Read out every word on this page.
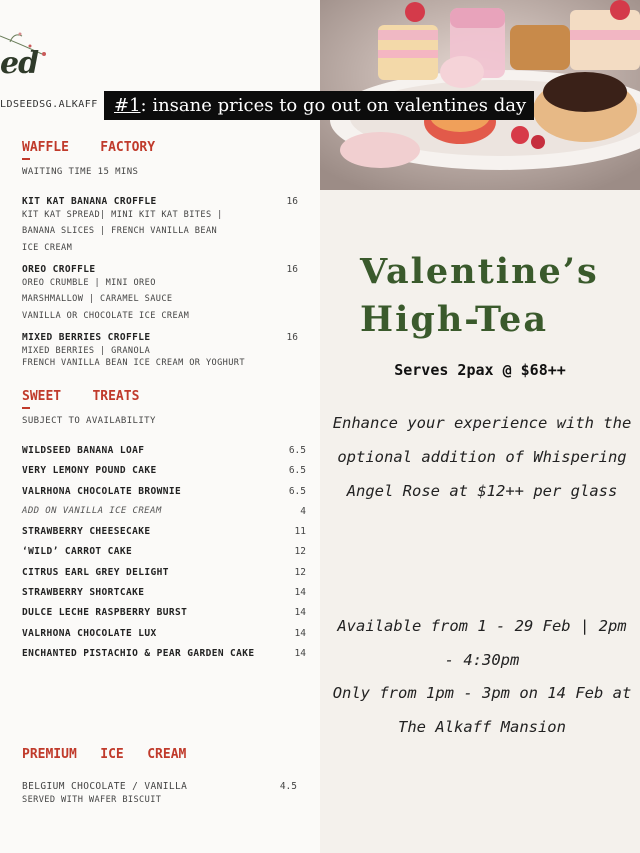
ed
LDSEEDSG.ALKAFF
WAFFLE    FACTORY
WAITING TIME 15 MINS
KIT KAT BANANA CROFFLE	16
KIT KAT SPREAD| MINI KIT KAT BITES |
BANANA SLICES | FRENCH VANILLA BEAN
ICE CREAM
OREO CROFFLE	16
OREO CRUMBLE | MINI OREO
MARSHMALLOW | CARAMEL SAUCE
VANILLA OR CHOCOLATE ICE CREAM
MIXED BERRIES CROFFLE	16
MIXED BERRIES | GRANOLA
FRENCH VANILLA BEAN ICE CREAM OR YOGHURT
SWEET    TREATS
SUBJECT TO AVAILABILITY
WILDSEED BANANA LOAF	6.5
VERY LEMONY POUND CAKE	6.5
VALRHONA CHOCOLATE BROWNIE	6.5
ADD ON VANILLA ICE CREAM	4
STRAWBERRY CHEESECAKE	11
‘WILD’ CARROT CAKE	12
CITRUS EARL GREY DELIGHT	12
STRAWBERRY SHORTCAKE	14
DULCE LECHE RASPBERRY BURST	14
VALRHONA CHOCOLATE LUX	14
ENCHANTED PISTACHIO & PEAR GARDEN CAKE	14
PREMIUM   ICE   CREAM
BELGIUM CHOCOLATE / VANILLA	4.5
SERVED WITH WAFER BISCUIT
#1: insane prices to go out on valentines day
Valentine’s
High-Tea
Serves 2pax @ $68++
Enhance your experience with the optional addition of Whispering Angel Rose at $12++ per glass
Available from 1 - 29 Feb | 2pm - 4:30pm
Only from 1pm - 3pm on 14 Feb at The Alkaff Mansion
